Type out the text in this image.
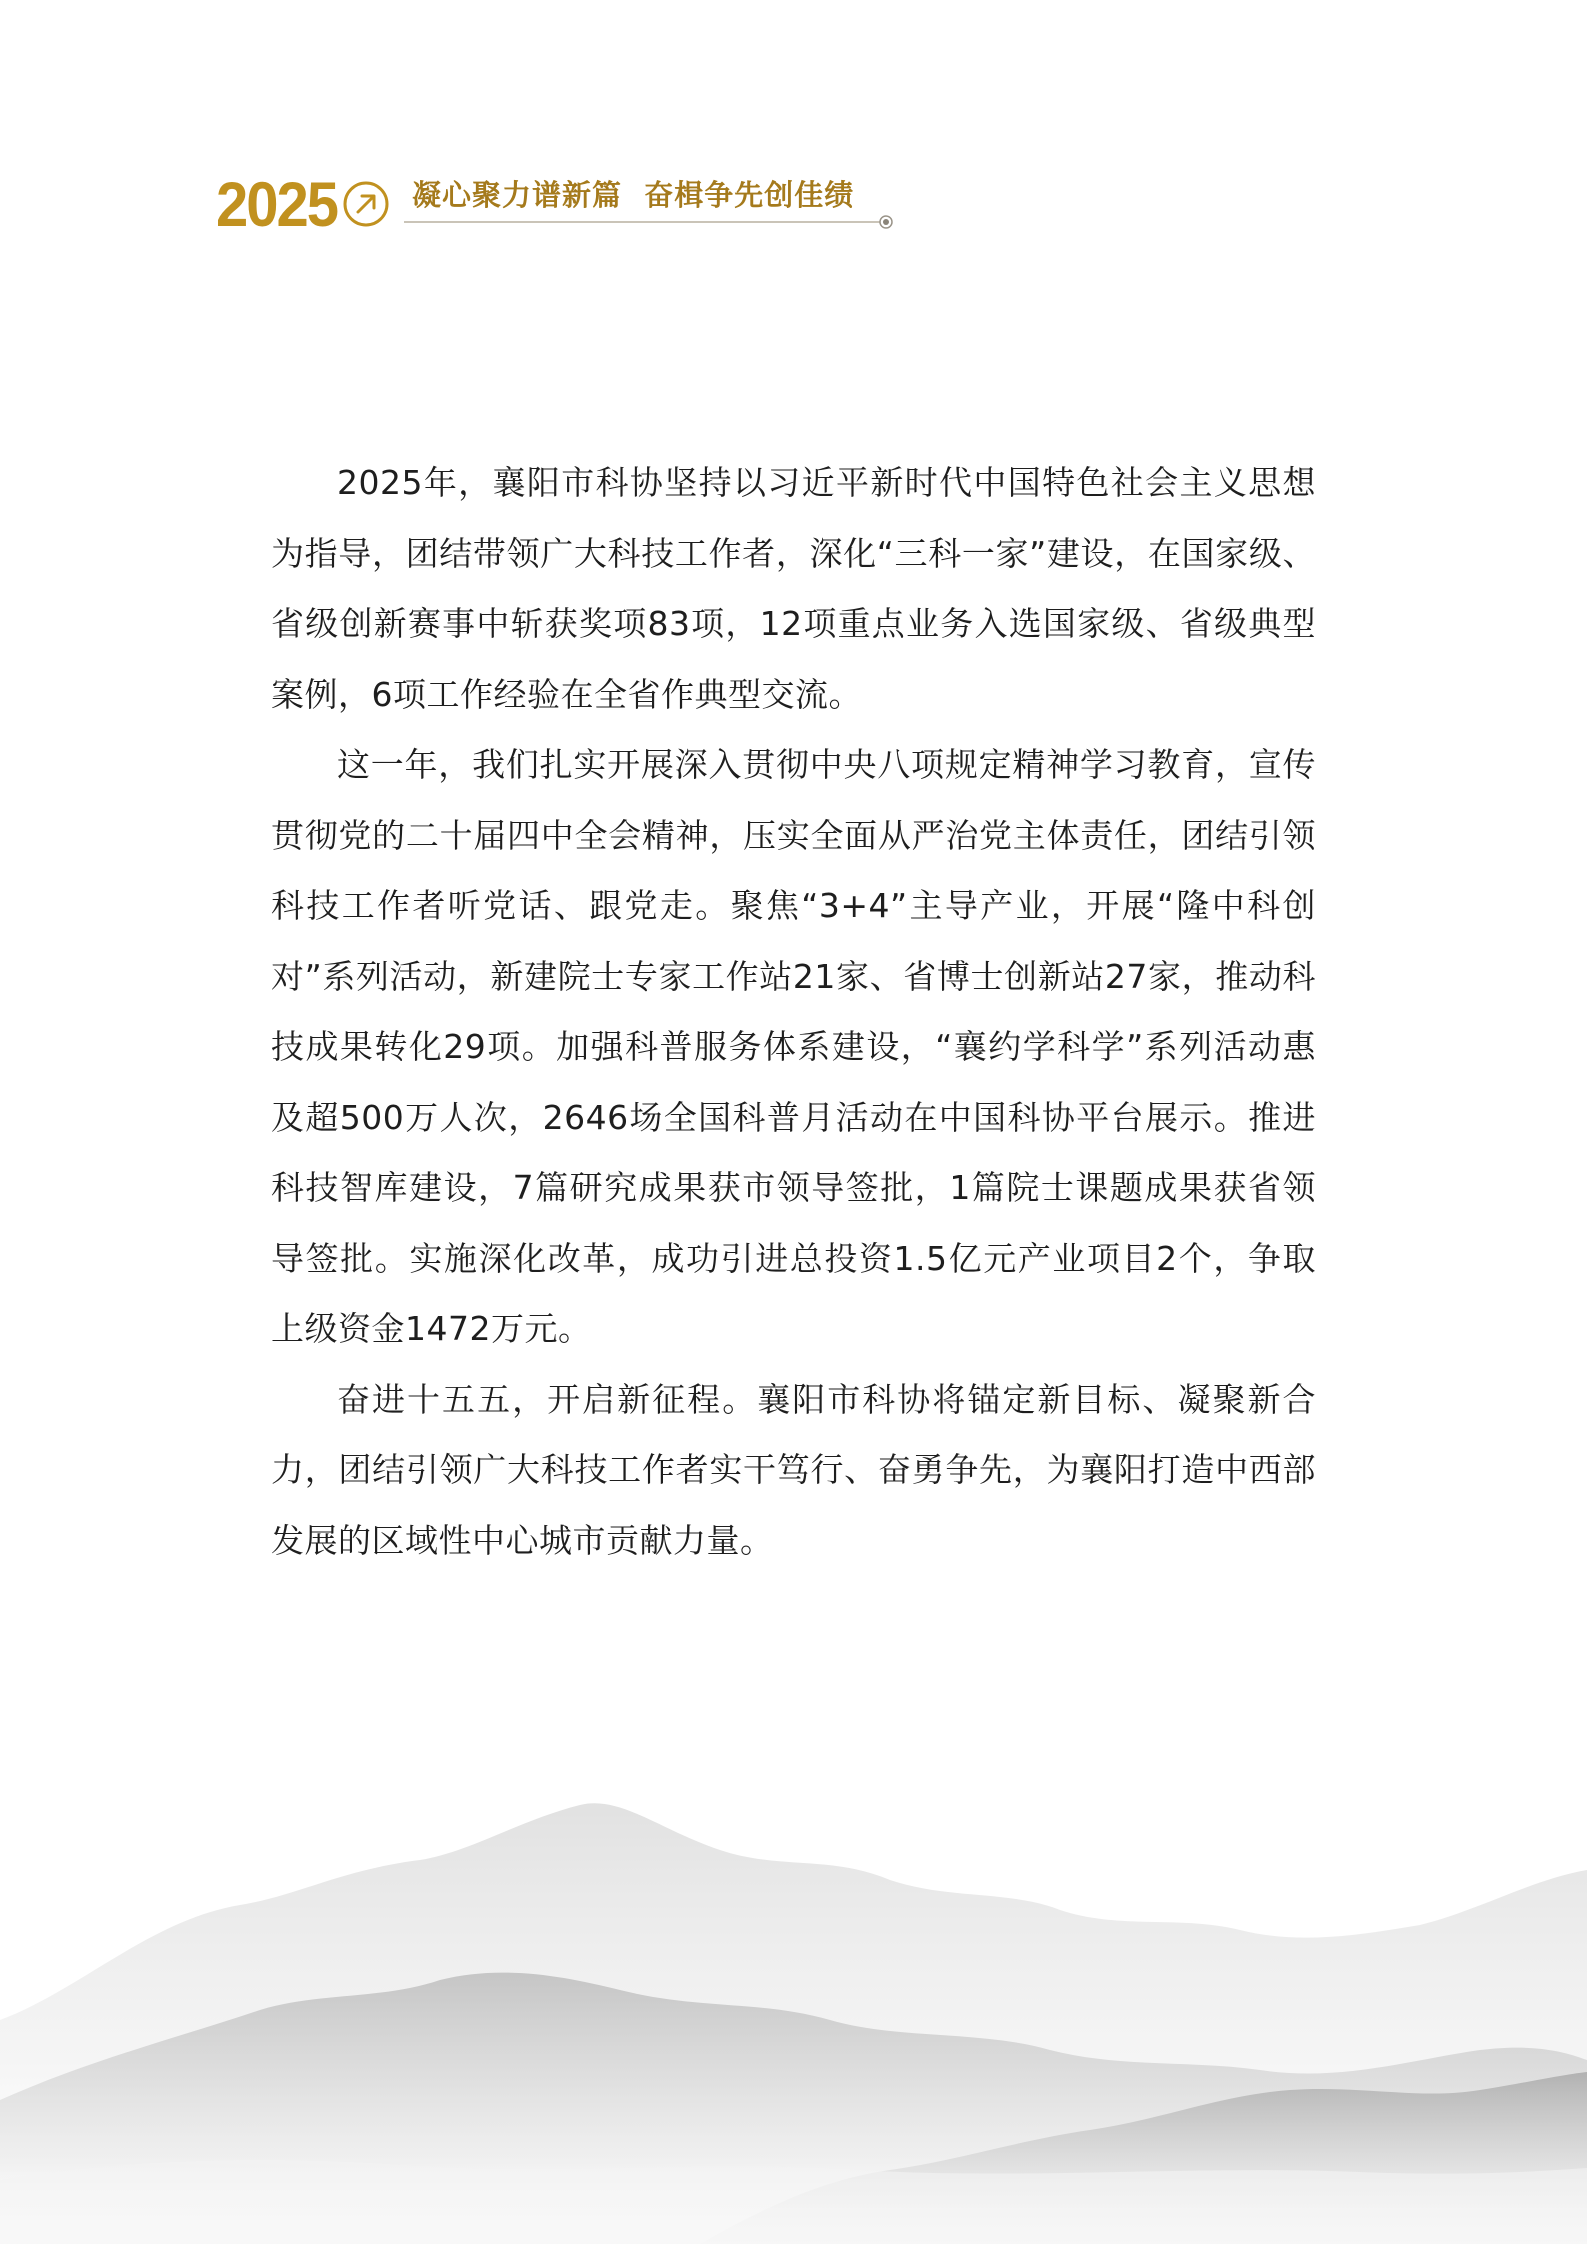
2025	凝心聚力谱新篇  奋楫争先创佳绩

2025年，襄阳市科协坚持以习近平新时代中国特色社会主义思想为指导，团结带领广大科技工作者，深化“三科一家”建设，在国家级、省级创新赛事中斩获奖项83项，12项重点业务入选国家级、省级典型案例，6项工作经验在全省作典型交流。

这一年，我们扎实开展深入贯彻中央八项规定精神学习教育，宣传贯彻党的二十届四中全会精神，压实全面从严治党主体责任，团结引领科技工作者听党话、跟党走。聚焦“3+4”主导产业，开展“隆中科创对”系列活动，新建院士专家工作站21家、省博士创新站27家，推动科技成果转化29项。加强科普服务体系建设，“襄约学科学”系列活动惠及超500万人次，2646场全国科普月活动在中国科协平台展示。推进科技智库建设，7篇研究成果获市领导签批，1篇院士课题成果获省领导签批。实施深化改革，成功引进总投资1.5亿元产业项目2个，争取上级资金1472万元。

奋进十五五，开启新征程。襄阳市科协将锚定新目标、凝聚新合力，团结引领广大科技工作者实干笃行、奋勇争先，为襄阳打造中西部发展的区域性中心城市贡献力量。
